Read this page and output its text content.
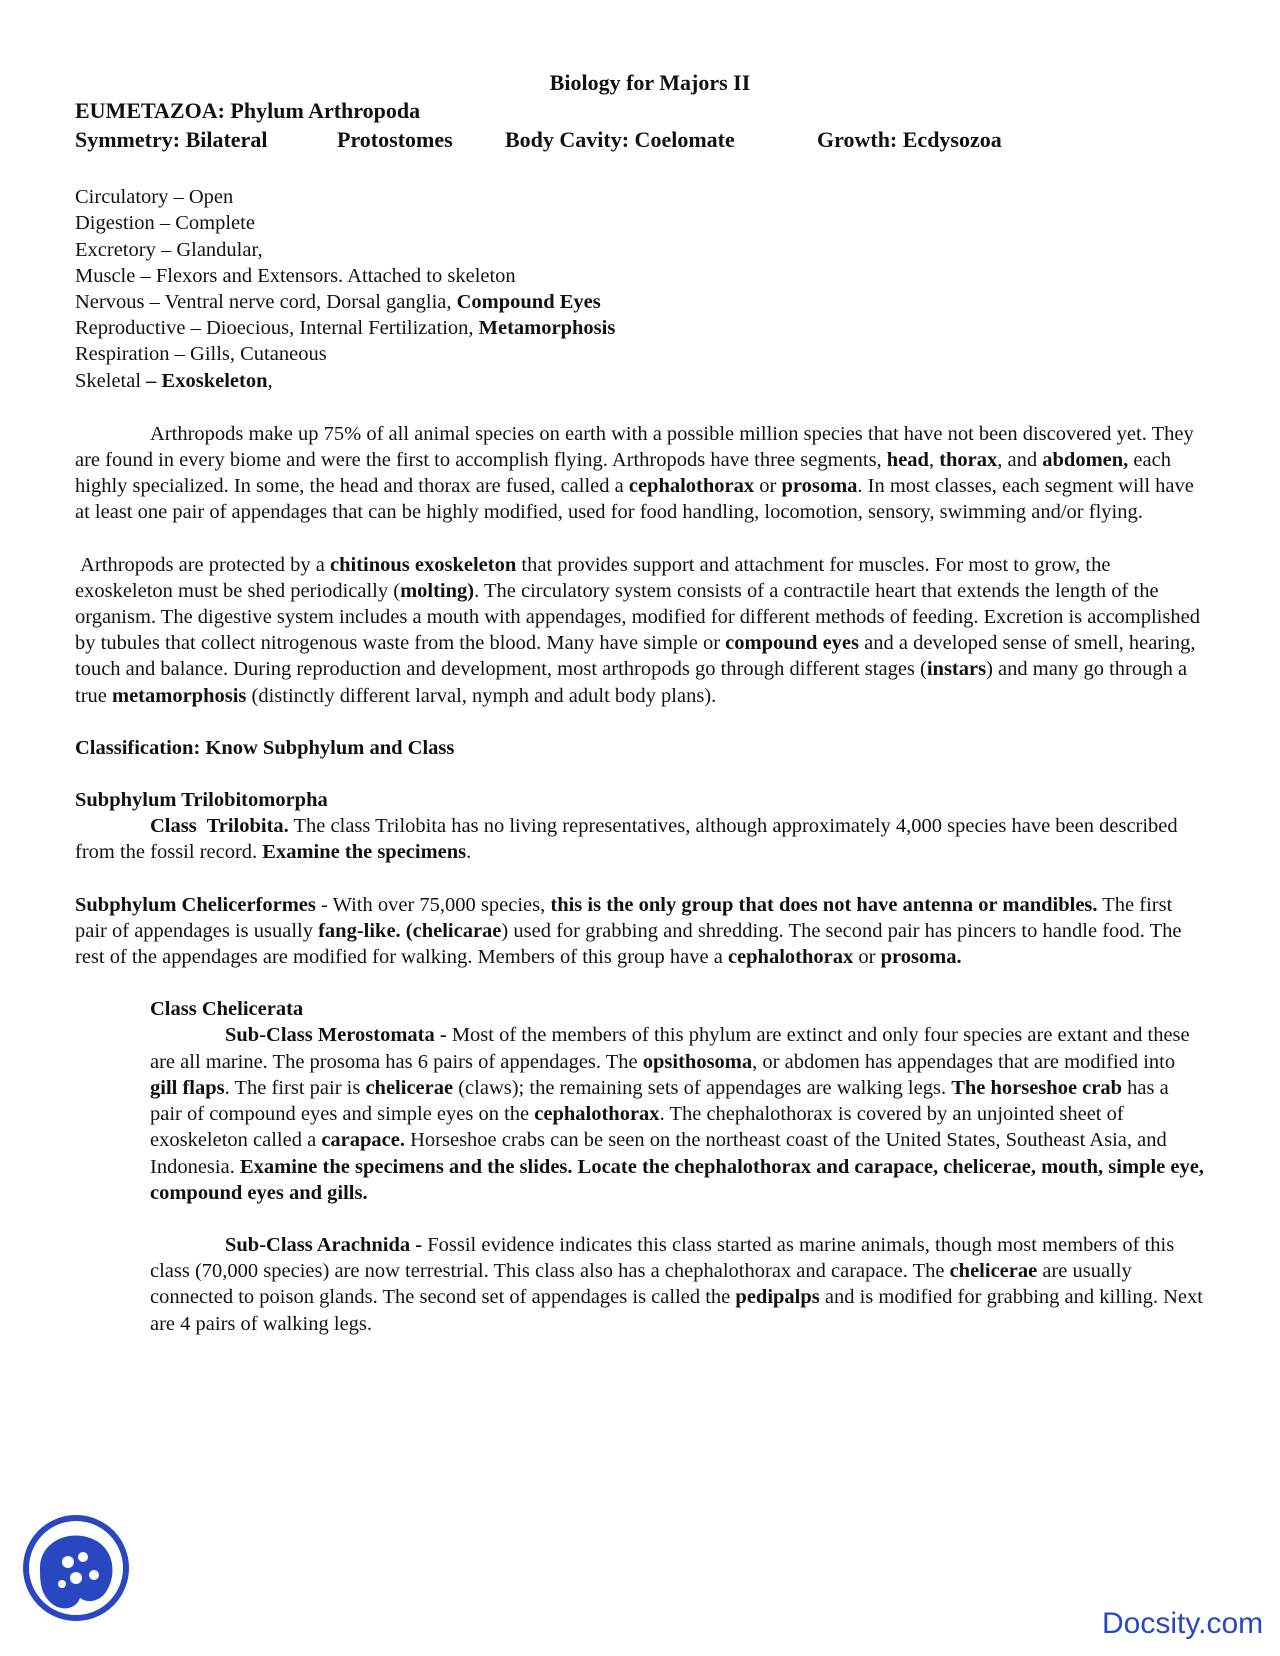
Biology for Majors II

EUMETAZOA: Phylum Arthropoda

Symmetry: Bilateral	Protostomes Body Cavity: Coelomate	Growth: Ecdysozoa

Circulatory – Open

Digestion – Complete

Excretory – Glandular,

Muscle – Flexors and Extensors. Attached to skeleton

Nervous – Ventral nerve cord, Dorsal ganglia, Compound Eyes

Reproductive – Dioecious, Internal Fertilization, Metamorphosis

Respiration – Gills, Cutaneous

Skeletal – Exoskeleton,

Arthropods make up 75% of all animal species on earth with a possible million species that have not been discovered yet. They are found in every biome and were the first to accomplish flying. Arthropods have three segments, head, thorax, and abdomen, each highly specialized. In some, the head and thorax are fused, called a cephalothorax or prosoma. In most classes, each segment will have at least one pair of appendages that can be highly modified, used for food handling, locomotion, sensory, swimming and/or flying.

Arthropods are protected by a chitinous exoskeleton that provides support and attachment for muscles. For most to grow, the exoskeleton must be shed periodically (molting). The circulatory system consists of a contractile heart that extends the length of the organism. The digestive system includes a mouth with appendages, modified for different methods of feeding. Excretion is accomplished by tubules that collect nitrogenous waste from the blood. Many have simple or compound eyes and a developed sense of smell, hearing, touch and balance. During reproduction and development, most arthropods go through different stages (instars) and many go through a true metamorphosis (distinctly different larval, nymph and adult body plans).

Classification: Know Subphylum and Class

Subphylum Trilobitomorpha

Class  Trilobita. The class Trilobita has no living representatives, although approximately 4,000 species have been described from the fossil record. Examine the specimens.

Subphylum Chelicerformes - With over 75,000 species, this is the only group that does not have antenna or mandibles. The first pair of appendages is usually fang-like. (chelicarae) used for grabbing and shredding. The second pair has pincers to handle food. The rest of the appendages are modified for walking. Members of this group have a cephalothorax or prosoma.

Class Chelicerata

Sub-Class Merostomata - Most of the members of this phylum are extinct and only four species are extant and these are all marine. The prosoma has 6 pairs of appendages. The opsithosoma, or abdomen has appendages that are modified into gill flaps. The first pair is chelicerae (claws); the remaining sets of appendages are walking legs. The horseshoe crab has a pair of compound eyes and simple eyes on the cephalothorax. The chephalothorax is covered by an unjointed sheet of exoskeleton called a carapace. Horseshoe crabs can be seen on the northeast coast of the United States, Southeast Asia, and Indonesia. Examine the specimens and the slides. Locate the chephalothorax and carapace, chelicerae, mouth, simple eye, compound eyes and gills.

Sub-Class Arachnida - Fossil evidence indicates this class started as marine animals, though most members of this class (70,000 species) are now terrestrial. This class also has a chephalothorax and carapace. The chelicerae are usually connected to poison glands. The second set of appendages is called the pedipalps and is modified for grabbing and killing. Next are 4 pairs of walking legs.

Docsity.com
